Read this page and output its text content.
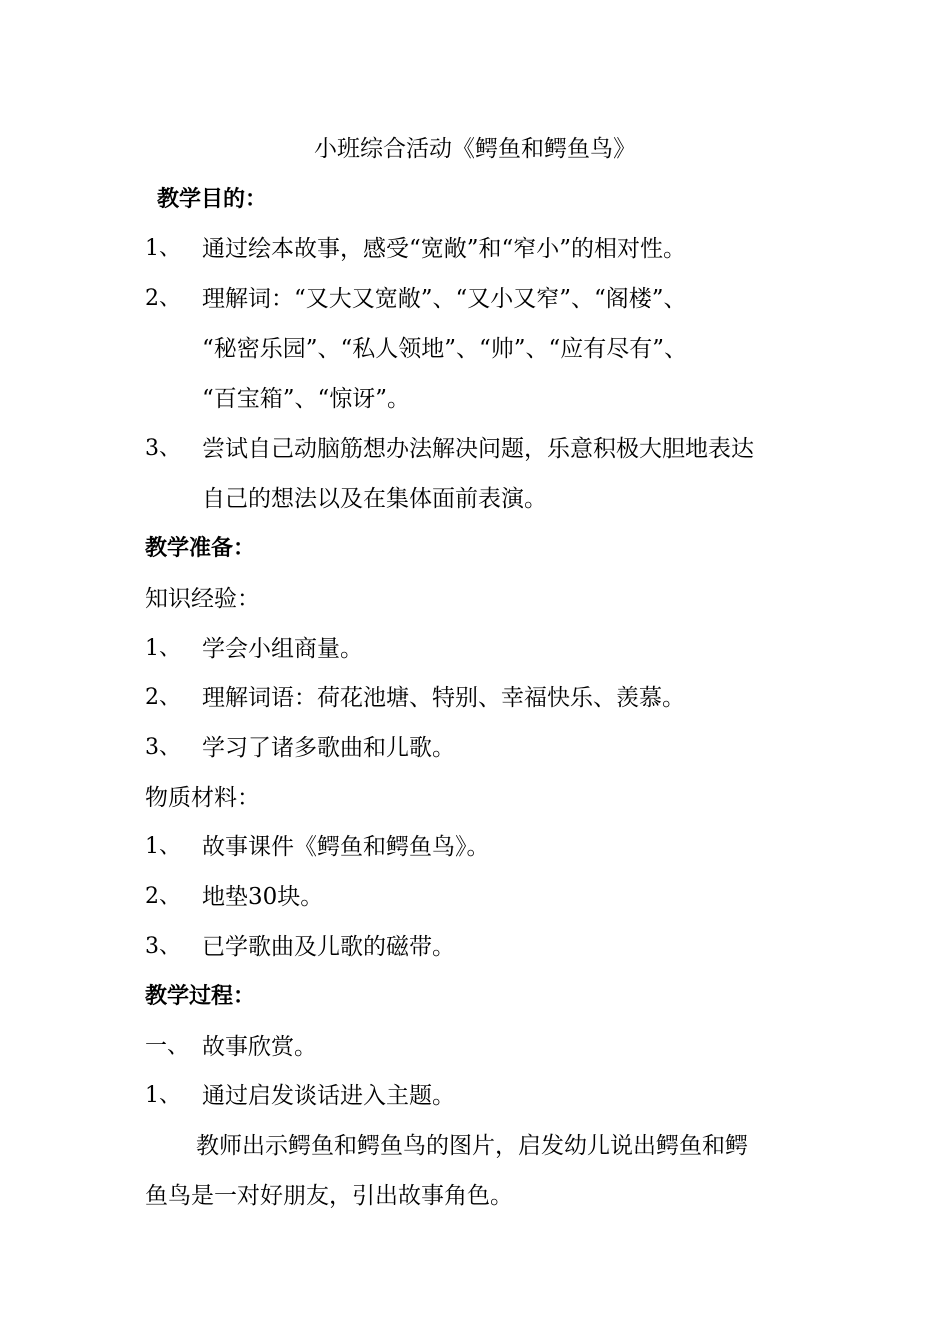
小班综合活动《鳄鱼和鳄鱼鸟》
教学目的：
1、 通过绘本故事，感受“宽敞”和“窄小”的相对性。
2、 理解词：“又大又宽敞”、“又小又窄”、“阁楼”、
“秘密乐园”、“私人领地”、“帅”、“应有尽有”、
“百宝箱”、“惊讶”。
3、 尝试自己动脑筋想办法解决问题，乐意积极大胆地表达
自己的想法以及在集体面前表演。
教学准备：
知识经验：
1、 学会小组商量。
2、 理解词语：荷花池塘、特别、幸福快乐、羡慕。
3、 学习了诸多歌曲和儿歌。
物质材料：
1、 故事课件《鳄鱼和鳄鱼鸟》。
2、 地垫30块。
3、 已学歌曲及儿歌的磁带。
教学过程：
一、 故事欣赏。
1、 通过启发谈话进入主题。
教师出示鳄鱼和鳄鱼鸟的图片，启发幼儿说出鳄鱼和鳄
鱼鸟是一对好朋友，引出故事角色。
